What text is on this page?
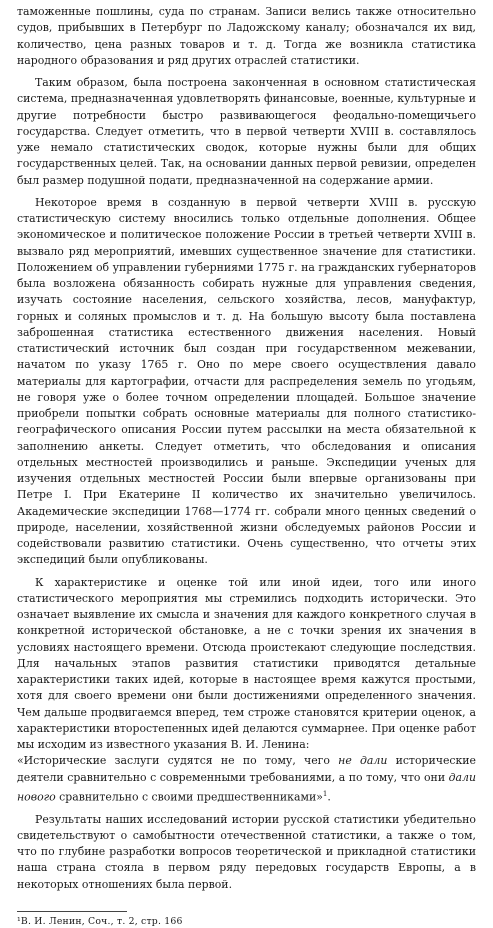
таможенные пошлины, суда по странам. Записи велись также относительно судов, прибывших в Петербург по Ладожскому каналу; обозначался их вид, количество, цена разных товаров и т. д. Тогда же возникла статистика народного образования и ряд других отраслей статистики.

Таким образом, была построена законченная в основном статистическая система, предназначенная удовлетворять финансовые, военные, культурные и другие потребности быстро развивающегося феодально-помещичьего государства. Следует отметить, что в первой четверти XVIII в. составлялось уже немало статистических сводок, которые нужны были для общих государственных целей. Так, на основании данных первой ревизии, определен был размер подушной подати, предназначенной на содержание армии.

Некоторое время в созданную в первой четверти XVIII в. русскую статистическую систему вносились только отдельные дополнения. Общее экономическое и политическое положение России в третьей четверти XVIII в. вызвало ряд мероприятий, имевших существенное значение для статистики. Положением об управлении губерниями 1775 г. на гражданских губернаторов была возложена обязанность собирать нужные для управления сведения, изучать состояние населения, сельского хозяйства, лесов, мануфактур, горных и соляных промыслов и т. д. На большую высоту была поставлена заброшенная статистика естественного движения населения. Новый статистический источник был создан при государственном межевании, начатом по указу 1765 г. Оно по мере своего осуществления давало материалы для картографии, отчасти для распределения земель по угодьям, не говоря уже о более точном определении площадей. Большое значение приобрели попытки собрать основные материалы для полного статистико-географического описания России путем рассылки на места обязательной к заполнению анкеты. Следует отметить, что обследования и описания отдельных местностей производились и раньше. Экспедиции ученых для изучения отдельных местностей России были впервые организованы при Петре I. При Екатерине II количество их значительно увеличилось. Академические экспедиции 1768—1774 гг. собрали много ценных сведений о природе, населении, хозяйственной жизни обследуемых районов России и содействовали развитию статистики. Очень существенно, что отчеты этих экспедиций были опубликованы.

К характеристике и оценке той или иной идеи, того или иного статистического мероприятия мы стремились подходить исторически. Это означает выявление их смысла и значения для каждого конкретного случая в конкретной исторической обстановке, а не с точки зрения их значения в условиях настоящего времени. Отсюда проистекают следующие последствия. Для начальных этапов развития статистики приводятся детальные характеристики таких идей, которые в настоящее время кажутся простыми, хотя для своего времени они были достижениями определенного значения. Чем дальше продвигаемся вперед, тем строже становятся критерии оценок, а характеристики второстепенных идей делаются суммарнее. При оценке работ мы исходим из известного указания В. И. Ленина:

«Исторические заслуги судятся не по тому, чего не дали исторические деятели сравнительно с современными требованиями, а по тому, что они дали нового сравнительно с своими предшественниками»$^1$.

Результаты наших исследований истории русской статистики убедительно свидетельствуют о самобытности отечественной статистики, а также о том, что по глубине разработки вопросов теоретической и прикладной статистики наша страна стояла в первом ряду передовых государств Европы, а в некоторых отношениях была первой.

¹В. И. Ленин, Соч., т. 2, стр. 166
